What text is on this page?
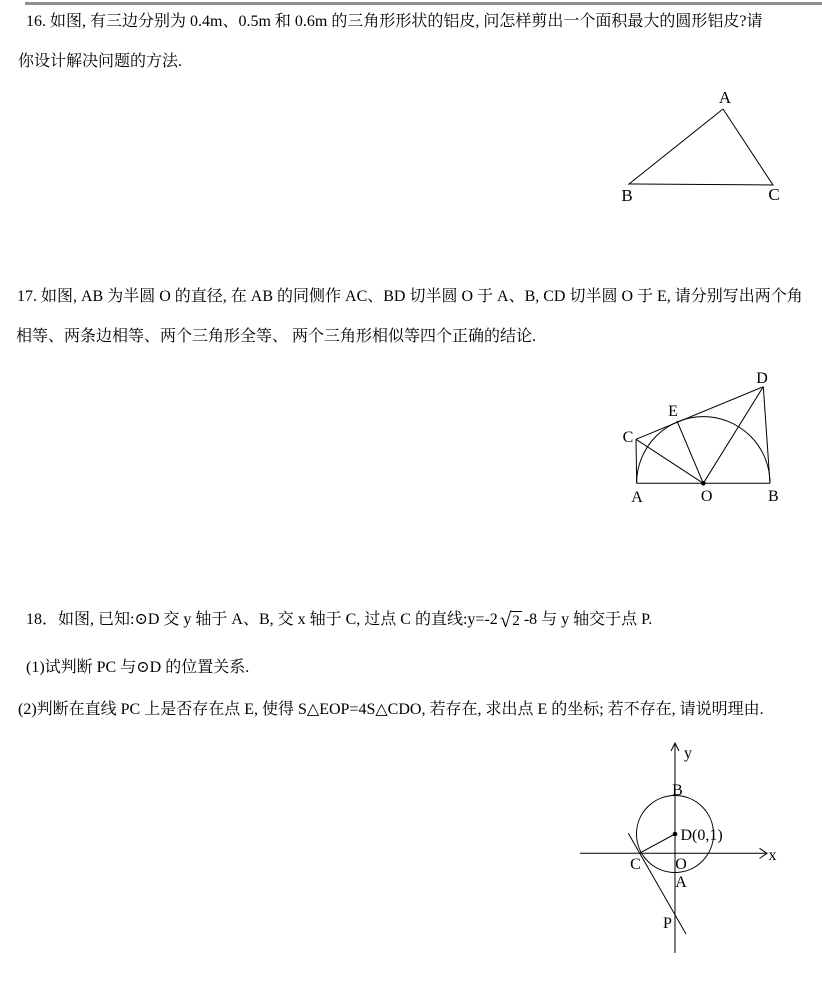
16. 如图, 有三边分别为 0.4m、0.5m 和 0.6m 的三角形形状的铝皮, 问怎样剪出一个面积最大的圆形铝皮?请
你设计解决问题的方法.
A
B	C
17. 如图, AB 为半圆 O 的直径, 在 AB 的同侧作 AC、BD 切半圆 O 于 A、B, CD 切半圆 O 于 E, 请分别写出两个角
相等、两条边相等、两个三角形全等、 两个三角形相似等四个正确的结论.
A	O	B
C
D
E
18．如图, 已知:⊙D 交 y 轴于 A、B, 交 x 轴于 C, 过点 C 的直线:y=-2 √ 2 -8 与 y 轴交于点 P.
(1)试判断 PC 与⊙D 的位置关系.
(2)判断在直线 PC 上是否存在点 E, 使得 S△EOP=4S△CDO, 若存在, 求出点 E 的坐标; 若不存在, 请说明理由.
y
x
B
D(0,1)
O
A
C
P
